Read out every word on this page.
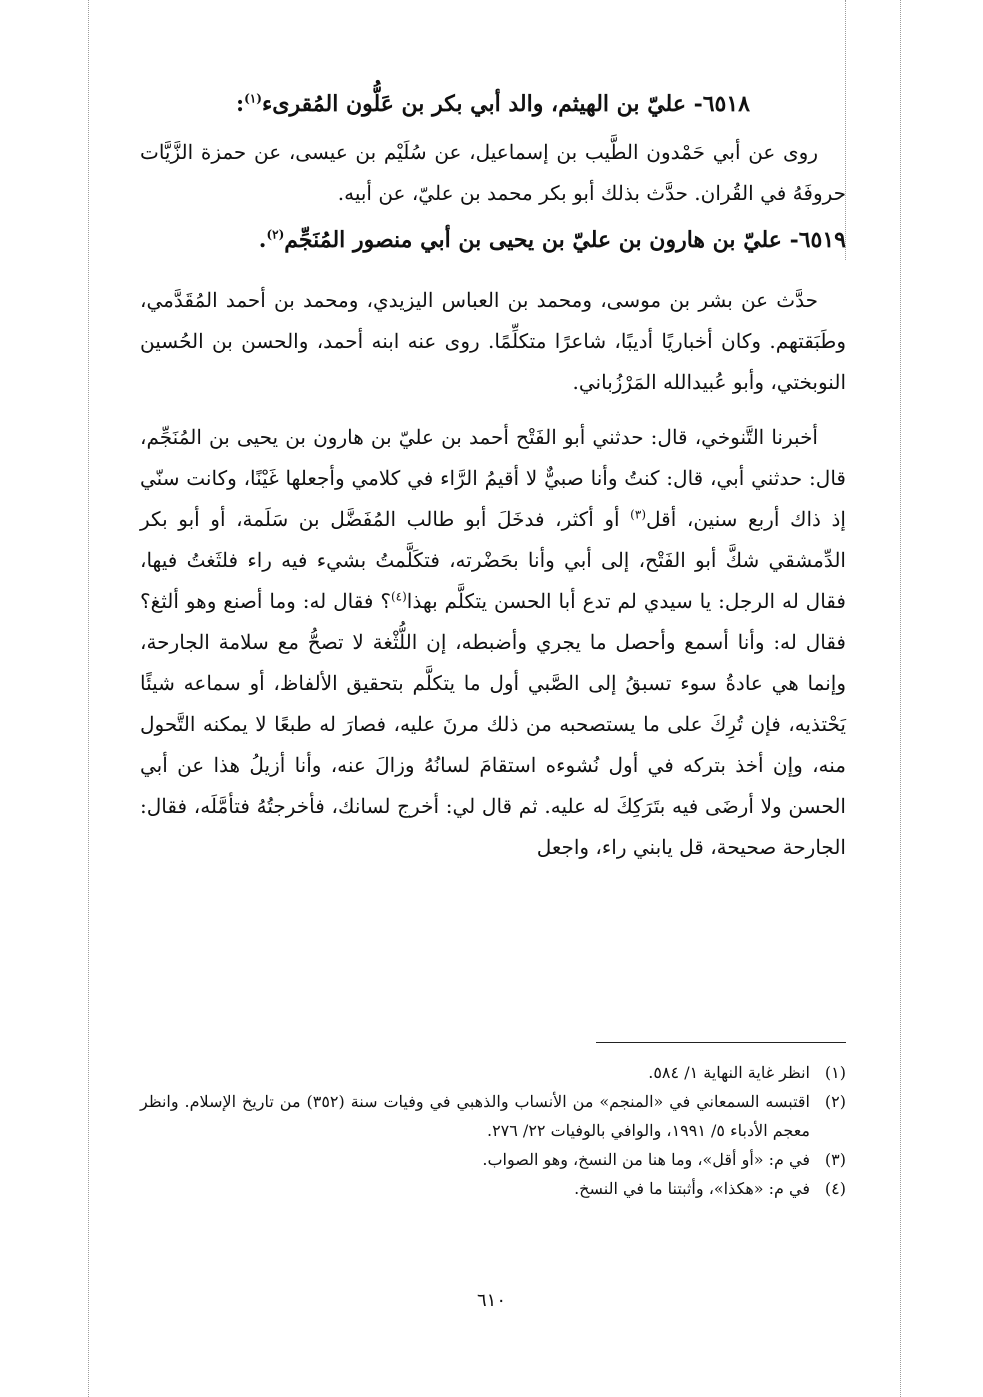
٦٥١٨- عليّ بن الهيثم، والد أبي بكر بن عَلُّون المُقرىء$^{(١)}$:

روى عن أبي حَمْدون الطَّيب بن إسماعيل، عن سُلَيْم بن عيسى، عن حمزة الزَّيَّات حروفَهُ في القُران. حدَّث بذلك أبو بكر محمد بن عليّ، عن أبيه.

٦٥١٩- عليّ بن هارون بن عليّ بن يحيى بن أبي منصور المُنَجِّم$^{(٢)}$.

حدَّث عن بشر بن موسى، ومحمد بن العباس اليزيدي، ومحمد بن أحمد المُقَدَّمي، وطَبَقتهم. وكان أخباريًا أديبًا، شاعرًا متكلِّمًا. روى عنه ابنه أحمد، والحسن بن الحُسين النوبختي، وأبو عُبيدالله المَرْزُباني.

أخبرنا التَّنوخي، قال: حدثني أبو الفَتْح أحمد بن عليّ بن هارون بن يحيى بن المُنَجِّم، قال: حدثني أبي، قال: كنتُ وأنا صبيٌّ لا أقيمُ الرَّاء في كلامي وأجعلها غَيْنًا، وكانت سنّي إذ ذاك أربع سنين، أقل$^{(٣)}$ أو أكثر، فدخَلَ أبو طالب المُفَضَّل بن سَلَمة، أو أبو بكر الدِّمشقي شكَّ أبو الفَتْح، إلى أبي وأنا بحَضْرته، فتكَلَّمتُ بشيء فيه راء فلثَغتُ فيها، فقال له الرجل: يا سيدي لم تدع أبا الحسن يتكلَّم بهذا$^{(٤)}$؟ فقال له: وما أصنع وهو ألثغ؟ فقال له: وأنا أسمع وأحصل ما يجري وأضبطه، إن اللُّثْغة لا تصحُّ مع سلامة الجارحة، وإنما هي عادةُ سوء تسبقُ إلى الصَّبي أول ما يتكلَّم بتحقيق الألفاظ، أو سماعه شيئًا يَحْتذيه، فإن تُرِكَ على ما يستصحبه من ذلك مرنَ عليه، فصارَ له طبعًا لا يمكنه التَّحول منه، وإن أخذ بتركه في أول نُشوءه استقامَ لسانُهُ وزالَ عنه، وأنا أزيلُ هذا عن أبي الحسن ولا أرضَى فيه بتَرَكِكَ له عليه. ثم قال لي: أخرج لسانك، فأخرجتُهُ فتأمَّلَه، فقال: الجارحة صحيحة، قل يابني راء، واجعل

(١)
انظر غاية النهاية ١/ ٥٨٤.
(٢)
اقتبسه السمعاني في «المنجم» من الأنساب والذهبي في وفيات سنة (٣٥٢) من تاريخ الإسلام. وانظر معجم الأدباء ٥/ ١٩٩١، والوافي بالوفيات ٢٢/ ٢٧٦.
(٣)
في م: «أو أقل»، وما هنا من النسخ، وهو الصواب.
(٤)
في م: «هكذا»، وأثبتنا ما في النسخ.
٦١٠
